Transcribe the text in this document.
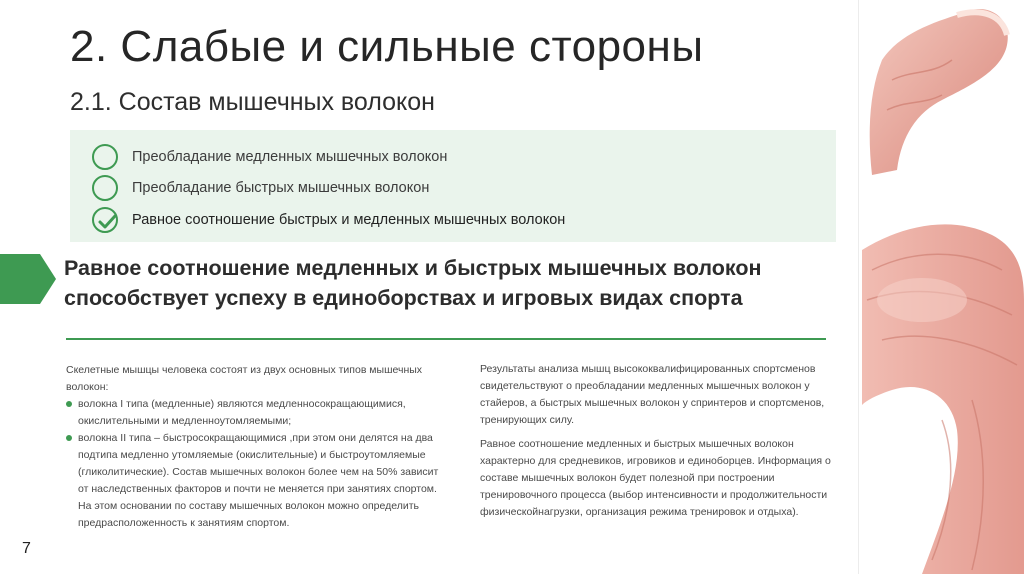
2. Слабые и сильные стороны
2.1. Состав мышечных волокон
Преобладание медленных мышечных волокон
Преобладание быстрых мышечных волокон
Равное соотношение быстрых и медленных мышечных волокон
Равное соотношение медленных и быстрых мышечных волокон
способствует успеху в единоборствах и игровых видах спорта

Скелетные мышцы человека состоят из двух основных типов мышечных волокон:

волокна I типа (медленные) являются медленносокращающимися, окислительными и медленноутомляемыми;
волокна II типа – быстросокращающимися ,при этом они делятся на два подтипа медленно утомляемые (окислительные) и быстроутомляемые (гликолитические). Состав мышечных волокон более чем на 50% зависит от наследственных факторов и почти не меняется при занятиях спортом. На этом основании по составу мышечных волокон можно определить предрасположенность к занятиям спортом.

Результаты анализа мышц высококвалифицированных спортсменов свидетельствуют о преобладании медленных мышечных волокон у стайеров, а быстрых мышечных волокон у спринтеров и спортсменов, тренирующих силу.

Равное соотношение медленных и быстрых мышечных волокон характерно для средневиков, игровиков и единоборцев. Информация о составе мышечных волокон будет полезной при построении тренировочного процесса (выбор интенсивности и продолжительности физическойнагрузки, организация режима тренировок и отдыха).

7
